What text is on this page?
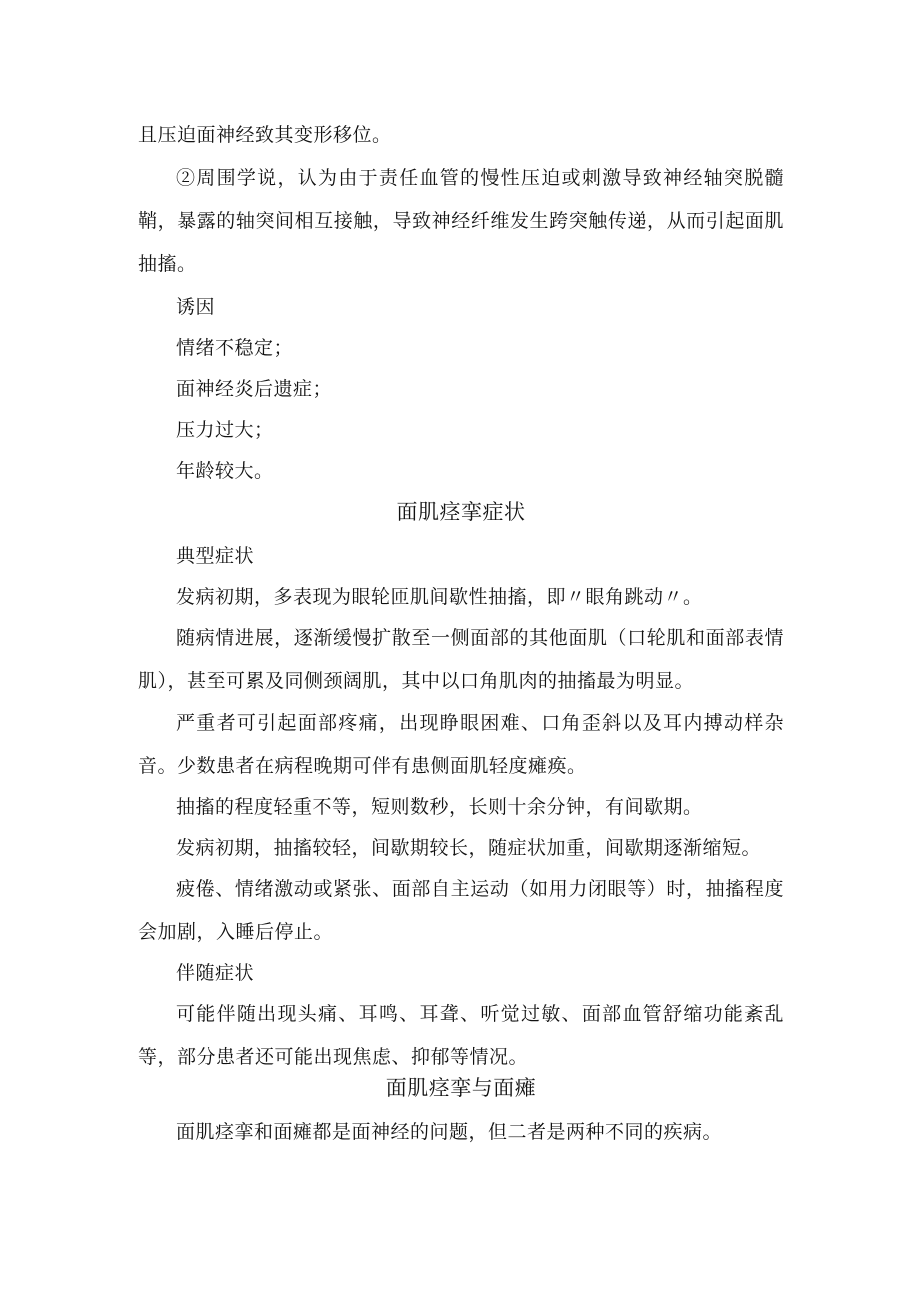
且压迫面神经致其变形移位。

②周围学说，认为由于责任血管的慢性压迫或刺激导致神经轴突脱髓鞘，暴露的轴突间相互接触，导致神经纤维发生跨突触传递，从而引起面肌抽搐。

诱因

情绪不稳定；

面神经炎后遗症；

压力过大；

年龄较大。

面肌痉挛症状

典型症状

发病初期，多表现为眼轮匝肌间歇性抽搐，即〃眼角跳动〃。

随病情进展，逐渐缓慢扩散至一侧面部的其他面肌（口轮肌和面部表情肌），甚至可累及同侧颈阔肌，其中以口角肌肉的抽搐最为明显。

严重者可引起面部疼痛，出现睁眼困难、口角歪斜以及耳内搏动样杂音。少数患者在病程晚期可伴有患侧面肌轻度瘫痪。

抽搐的程度轻重不等，短则数秒，长则十余分钟，有间歇期。

发病初期，抽搐较轻，间歇期较长，随症状加重，间歇期逐渐缩短。

疲倦、情绪激动或紧张、面部自主运动（如用力闭眼等）时，抽搐程度会加剧，入睡后停止。

伴随症状

可能伴随出现头痛、耳鸣、耳聋、听觉过敏、面部血管舒缩功能紊乱等，部分患者还可能出现焦虑、抑郁等情况。

面肌痉挛与面瘫

面肌痉挛和面瘫都是面神经的问题，但二者是两种不同的疾病。
